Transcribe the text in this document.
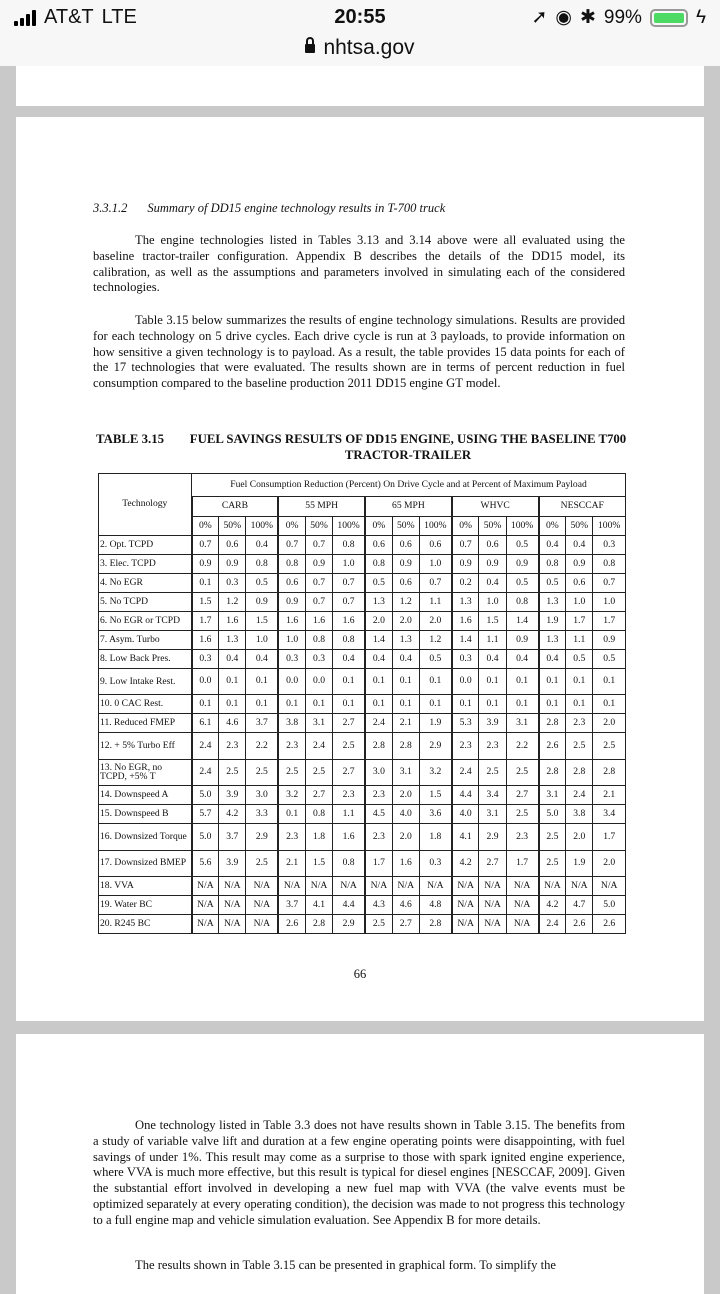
AT&T LTE	20:55	➚ ◉ ✱ 99%	ϟ
nhtsa.gov
3.3.1.2 Summary of DD15 engine technology results in T-700 truck

The engine technologies listed in Tables 3.13 and 3.14 above were all evaluated using the baseline tractor-trailer configuration. Appendix B describes the details of the DD15 model, its calibration, as well as the assumptions and parameters involved in simulating each of the considered technologies.

Table 3.15 below summarizes the results of engine technology simulations. Results are provided for each technology on 5 drive cycles. Each drive cycle is run at 3 payloads, to provide information on how sensitive a given technology is to payload. As a result, the table provides 15 data points for each of the 17 technologies that were evaluated. The results shown are in terms of percent reduction in fuel consumption compared to the baseline production 2011 DD15 engine GT model.

TABLE 3.15 FUEL SAVINGS RESULTS OF DD15 ENGINE, USING THE BASELINE T700 TRACTOR-TRAILER
Technology	Fuel Consumption Reduction (Percent) On Drive Cycle and at Percent of Maximum Payload														
	CARB			55 MPH			65 MPH			WHVC			NESCCAF		
	0%	50%	100%	0%	50%	100%	0%	50%	100%	0%	50%	100%	0%	50%	100%
2. Opt. TCPD	0.7	0.6	0.4	0.7	0.7	0.8	0.6	0.6	0.6	0.7	0.6	0.5	0.4	0.4	0.3
3. Elec. TCPD	0.9	0.9	0.8	0.8	0.9	1.0	0.8	0.9	1.0	0.9	0.9	0.9	0.8	0.9	0.8
4. No EGR	0.1	0.3	0.5	0.6	0.7	0.7	0.5	0.6	0.7	0.2	0.4	0.5	0.5	0.6	0.7
5. No TCPD	1.5	1.2	0.9	0.9	0.7	0.7	1.3	1.2	1.1	1.3	1.0	0.8	1.3	1.0	1.0
6. No EGR or TCPD	1.7	1.6	1.5	1.6	1.6	1.6	2.0	2.0	2.0	1.6	1.5	1.4	1.9	1.7	1.7
7. Asym. Turbo	1.6	1.3	1.0	1.0	0.8	0.8	1.4	1.3	1.2	1.4	1.1	0.9	1.3	1.1	0.9
8. Low Back Pres.	0.3	0.4	0.4	0.3	0.3	0.4	0.4	0.4	0.5	0.3	0.4	0.4	0.4	0.5	0.5
9. Low Intake Rest.	0.0	0.1	0.1	0.0	0.0	0.1	0.1	0.1	0.1	0.0	0.1	0.1	0.1	0.1	0.1
10. 0 CAC Rest.	0.1	0.1	0.1	0.1	0.1	0.1	0.1	0.1	0.1	0.1	0.1	0.1	0.1	0.1	0.1
11. Reduced FMEP	6.1	4.6	3.7	3.8	3.1	2.7	2.4	2.1	1.9	5.3	3.9	3.1	2.8	2.3	2.0
12. + 5% Turbo Eff	2.4	2.3	2.2	2.3	2.4	2.5	2.8	2.8	2.9	2.3	2.3	2.2	2.6	2.5	2.5
13. No EGR, no TCPD, +5% T	2.4	2.5	2.5	2.5	2.5	2.7	3.0	3.1	3.2	2.4	2.5	2.5	2.8	2.8	2.8
14. Downspeed A	5.0	3.9	3.0	3.2	2.7	2.3	2.3	2.0	1.5	4.4	3.4	2.7	3.1	2.4	2.1
15. Downspeed B	5.7	4.2	3.3	0.1	0.8	1.1	4.5	4.0	3.6	4.0	3.1	2.5	5.0	3.8	3.4
16. Downsized Torque	5.0	3.7	2.9	2.3	1.8	1.6	2.3	2.0	1.8	4.1	2.9	2.3	2.5	2.0	1.7
17. Downsized BMEP	5.6	3.9	2.5	2.1	1.5	0.8	1.7	1.6	0.3	4.2	2.7	1.7	2.5	1.9	2.0
18. VVA	N/A	N/A	N/A	N/A	N/A	N/A	N/A	N/A	N/A	N/A	N/A	N/A	N/A	N/A	N/A
19. Water BC	N/A	N/A	N/A	3.7	4.1	4.4	4.3	4.6	4.8	N/A	N/A	N/A	4.2	4.7	5.0
20. R245 BC	N/A	N/A	N/A	2.6	2.8	2.9	2.5	2.7	2.8	N/A	N/A	N/A	2.4	2.6	2.6
66

One technology listed in Table 3.3 does not have results shown in Table 3.15. The benefits from a study of variable valve lift and duration at a few engine operating points were disappointing, with fuel savings of under 1%. This result may come as a surprise to those with spark ignited engine experience, where VVA is much more effective, but this result is typical for diesel engines [NESCCAF, 2009]. Given the substantial effort involved in developing a new fuel map with VVA (the valve events must be optimized separately at every operating condition), the decision was made to not progress this technology to a full engine map and vehicle simulation evaluation. See Appendix B for more details.

The results shown in Table 3.15 can be presented in graphical form. To simplify the
